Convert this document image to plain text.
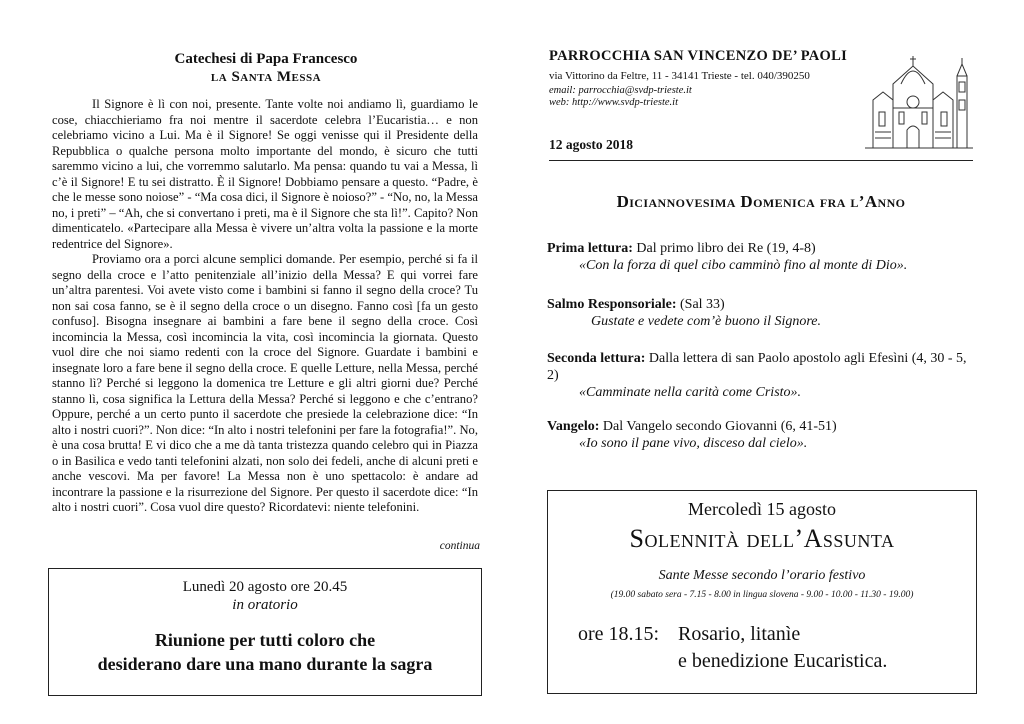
Catechesi di Papa Francesco
la Santa Messa

Il Signore è lì con noi, presente. Tante volte noi andiamo lì, guardiamo le cose, chiacchieriamo fra noi mentre il sacerdote celebra l’Eucaristia… e non celebriamo vicino a Lui. Ma è il Signore! Se oggi venisse qui il Presidente della Repubblica o qualche persona molto importante del mondo, è sicuro che tutti saremmo vicino a lui, che vorremmo salutarlo. Ma pensa: quando tu vai a Messa, lì c’è il Signore! E tu sei distratto. È il Signore! Dobbiamo pensare a questo. “Padre, è che le messe sono noiose” - “Ma cosa dici, il Signore è noioso?” - “No, no, la Messa no, i preti” – “Ah, che si convertano i preti, ma è il Signore che sta lì!”. Capito? Non dimenticatelo. «Partecipare alla Messa è vivere un’altra volta la passione e la morte redentrice del Signore».

Proviamo ora a porci alcune semplici domande. Per esempio, perché si fa il segno della croce e l’atto penitenziale all’inizio della Messa? E qui vorrei fare un’altra parentesi. Voi avete visto come i bambini si fanno il segno della croce? Tu non sai cosa fanno, se è il segno della croce o un disegno. Fanno così [fa un gesto confuso]. Bisogna insegnare ai bambini a fare bene il segno della croce. Così incomincia la Messa, così incomincia la vita, così incomincia la giornata. Questo vuol dire che noi siamo redenti con la croce del Signore. Guardate i bambini e insegnate loro a fare bene il segno della croce. E quelle Letture, nella Messa, perché stanno lì? Perché si leggono la domenica tre Letture e gli altri giorni due? Perché stanno lì, cosa significa la Lettura della Messa? Perché si leggono e che c’entrano? Oppure, perché a un certo punto il sacerdote che presiede la celebrazione dice: “In alto i nostri cuori?”. Non dice: “In alto i nostri telefonini per fare la fotografia!”. No, è una cosa brutta! E vi dico che a me dà tanta tristezza quando celebro qui in Piazza o in Basilica e vedo tanti telefonini alzati, non solo dei fedeli, anche di alcuni preti e anche vescovi. Ma per favore! La Messa non è uno spettacolo: è andare ad incontrare la passione e la risurrezione del Signore. Per questo il sacerdote dice: “In alto i nostri cuori”. Cosa vuol dire questo? Ricordatevi: niente telefonini.

continua
Lunedì 20 agosto ore 20.45
in oratorio
Riunione per tutti coloro che
desiderano dare una mano durante la sagra
PARROCCHIA SAN VINCENZO DE’ PAOLI
via Vittorino da Feltre, 11 - 34141 Trieste - tel. 040/390250
email: parrocchia@svdp-trieste.it
web: http://www.svdp-trieste.it
12 agosto 2018
Diciannovesima Domenica fra l’Anno
Prima lettura: Dal primo libro dei Re (19, 4-8)
«Con la forza di quel cibo camminò fino al monte di Dio».
Salmo Responsoriale: (Sal 33)
Gustate e vedete com’è buono il Signore.
Seconda lettura: Dalla lettera di san Paolo apostolo agli Efesìni (4, 30 - 5, 2)
«Camminate nella carità come Cristo».
Vangelo: Dal Vangelo secondo Giovanni (6, 41-51)
«Io sono il pane vivo, disceso dal cielo».
Mercoledì 15 agosto
Solennità dell’Assunta
Sante Messe secondo l’orario festivo
(19.00 sabato sera - 7.15 - 8.00 in lingua slovena - 9.00 - 10.00 - 11.30 - 19.00)
ore 18.15: Rosario, litanìe
e benedizione Eucaristica.
